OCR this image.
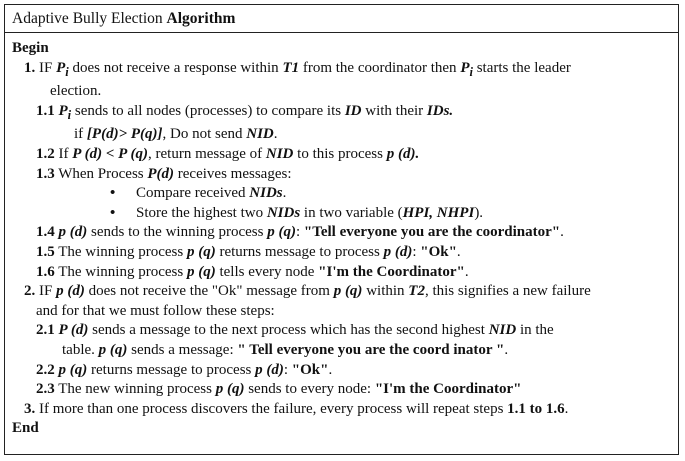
Adaptive Bully Election Algorithm
Begin
1. IF $P_i$ does not receive a response within T1 from the coordinator then $P_i$ starts the leader
election.
1.1 $P_i$ sends to all nodes (processes) to compare its ID with their IDs.
if [P(d)> P(q)], Do not send NID.
1.2 If P (d) < P (q), return message of NID to this process p (d).
1.3 When Process P(d) receives messages:
• Compare received NIDs.
• Store the highest two NIDs in two variable (HPI, NHPI).
1.4 p (d) sends to the winning process p (q): "Tell everyone you are the coordinator".
1.5 The winning process p (q) returns message to process p (d): "Ok".
1.6 The winning process p (q) tells every node "I'm the Coordinator".
2. IF p (d) does not receive the "Ok" message from p (q) within T2, this signifies a new failure
and for that we must follow these steps:
2.1 P (d) sends a message to the next process which has the second highest NID in the
table. p (q) sends a message: " Tell everyone you are the coord inator ".
2.2 p (q) returns message to process p (d): "Ok".
2.3 The new winning process p (q) sends to every node: "I'm the Coordinator"
3. If more than one process discovers the failure, every process will repeat steps 1.1 to 1.6.
End
